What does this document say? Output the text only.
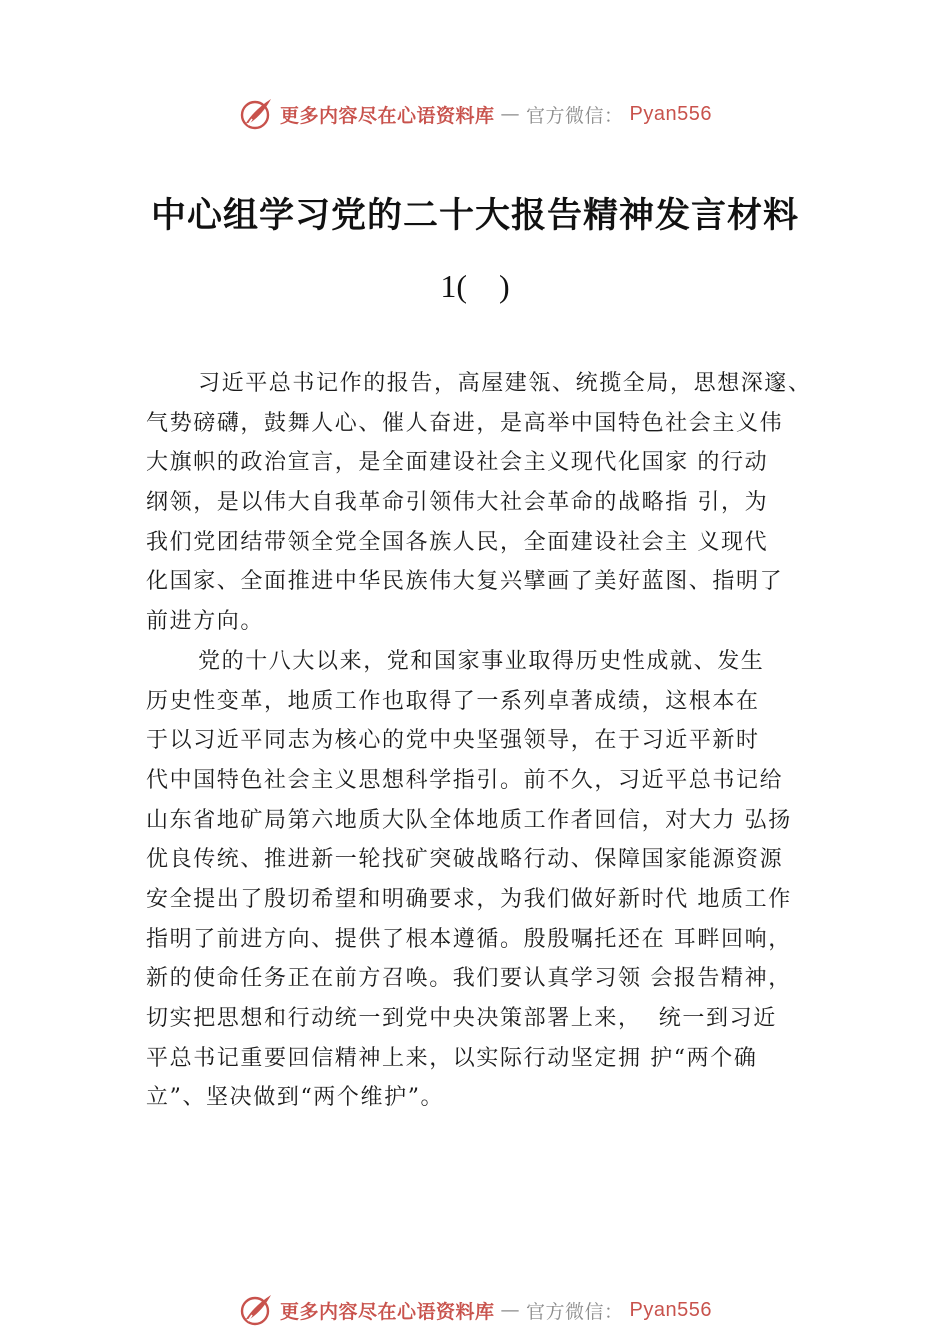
更多内容尽在心语资料库 — 官方微信： Pyan556
中心组学习党的二十大报告精神发言材料
1(    )
习近平总书记作的报告，高屋建瓴、统揽全局，思想深邃、
气势磅礴，鼓舞人心、催人奋进，是高举中国特色社会主义伟
大旗帜的政治宣言，是全面建设社会主义现代化国家 的行动
纲领，是以伟大自我革命引领伟大社会革命的战略指 引，为
我们党团结带领全党全国各族人民，全面建设社会主 义现代
化国家、全面推进中华民族伟大复兴擘画了美好蓝图、指明了
前进方向。
党的十八大以来，党和国家事业取得历史性成就、发生
历史性变革，地质工作也取得了一系列卓著成绩，这根本在
于以习近平同志为核心的党中央坚强领导，在于习近平新时
代中国特色社会主义思想科学指引。前不久，习近平总书记给
山东省地矿局第六地质大队全体地质工作者回信，对大力 弘扬
优良传统、推进新一轮找矿突破战略行动、保障国家能源资源
安全提出了殷切希望和明确要求，为我们做好新时代 地质工作
指明了前进方向、提供了根本遵循。殷殷嘱托还在 耳畔回响，
新的使命任务正在前方召唤。我们要认真学习领 会报告精神，
切实把思想和行动统一到党中央决策部署上来，  统一到习近
平总书记重要回信精神上来，以实际行动坚定拥 护“两个确
立”、坚决做到“两个维护”。
更多内容尽在心语资料库 — 官方微信： Pyan556
